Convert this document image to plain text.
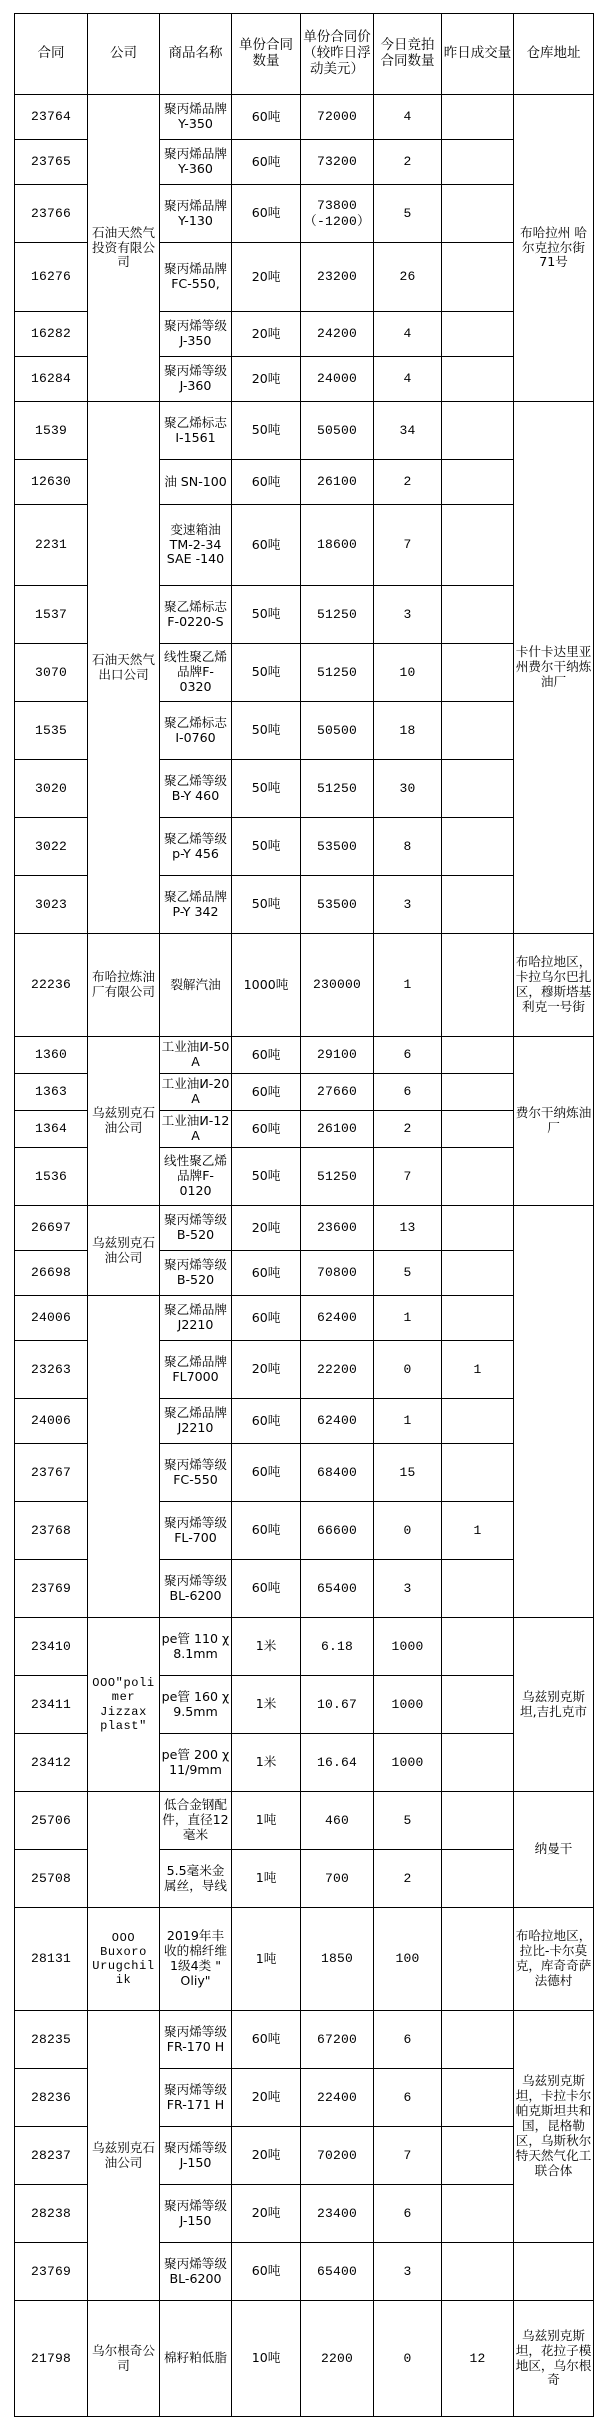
合同	公司	商品名称	单份合同数量	单份合同价（较昨日浮动美元）	今日竞拍合同数量	昨日成交量	仓库地址
23764	石油天然气投资有限公司	聚丙烯品牌Y-350	60吨	72000	4		布哈拉州 哈尔克拉尔街71号
23765		聚丙烯品牌Y-360	60吨	73200	2		
23766		聚丙烯品牌Y-130	60吨	73800（-1200）	5		
16276		聚丙烯品牌FC-550,	20吨	23200	26		
16282		聚丙烯等级J-350	20吨	24200	4		
16284		聚丙烯等级J-360	20吨	24000	4		
1539	石油天然气出口公司	聚乙烯标志I-1561	50吨	50500	34		卡什卡达里亚州费尔干纳炼油厂
12630		油 SN-100	60吨	26100	2		
2231		变速箱油TM-2-34 SAE -140	60吨	18600	7		
1537		聚乙烯标志 F-0220-S	50吨	51250	3		
3070		线性聚乙烯品牌F-0320	50吨	51250	10		
1535		聚乙烯标志I-0760	50吨	50500	18		
3020		聚乙烯等级B-Y 460	50吨	51250	30		
3022		聚乙烯等级p-Y 456	50吨	53500	8		
3023		聚乙烯品牌P-Y 342	50吨	53500	3		
22236	布哈拉炼油厂有限公司	裂解汽油	1000吨	230000	1		布哈拉地区，卡拉乌尔巴扎区，穆斯塔基利克一号街
1360	乌兹别克石油公司	工业油И-50 A	60吨	29100	6		费尔干纳炼油厂
1363		工业油И-20 A	60吨	27660	6		
1364		工业油И-12 A	60吨	26100	2		
1536		线性聚乙烯品牌F-0120	50吨	51250	7		
26697	乌兹别克石油公司	聚丙烯等级B-520	20吨	23600	13		
26698		聚丙烯等级B-520	60吨	70800	5		
24006		聚乙烯品牌J2210	60吨	62400	1		
23263		聚乙烯品牌 FL7000	20吨	22200	0	1	
24006		聚乙烯品牌J2210	60吨	62400	1		
23767		聚丙烯等级FC-550	60吨	68400	15		
23768		聚丙烯等级FL-700	60吨	66600	0	1	
23769		聚丙烯等级BL-6200	60吨	65400	3		
23410	OOO"polimer Jizzax plast"	pe管 110 χ 8.1mm	1米	6.18	1000		乌兹别克斯坦,吉扎克市
23411		pe管 160 χ 9.5mm	1米	10.67	1000		
23412		pe管 200 χ 11/9mm	1米	16.64	1000		
25706		低合金钢配件，直径12毫米	1吨	460	5		纳曼干
25708		5.5毫米金属丝，导线	1吨	700	2		
28131	OOO Buxoro Urugchilik	2019年丰收的棉纤维1级4类 " Oliy"	1吨	1850	100		布哈拉地区，拉比-卡尔莫克，库奇奇萨法德村
28235	乌兹别克石油公司	聚丙烯等级 FR-170 H	60吨	67200	6		乌兹别克斯坦，卡拉卡尔帕克斯坦共和国，昆格勒区，乌斯秋尔特天然气化工联合体
28236		聚丙烯等级 FR-171 H	20吨	22400	6		
28237		聚丙烯等级 J-150	20吨	70200	7		
28238		聚丙烯等级 J-150	20吨	23400	6		
23769		聚丙烯等级BL-6200	60吨	65400	3		
21798	乌尔根奇公司	棉籽粕低脂	10吨	2200	0	12	乌兹别克斯坦，花拉子模地区，乌尔根奇
